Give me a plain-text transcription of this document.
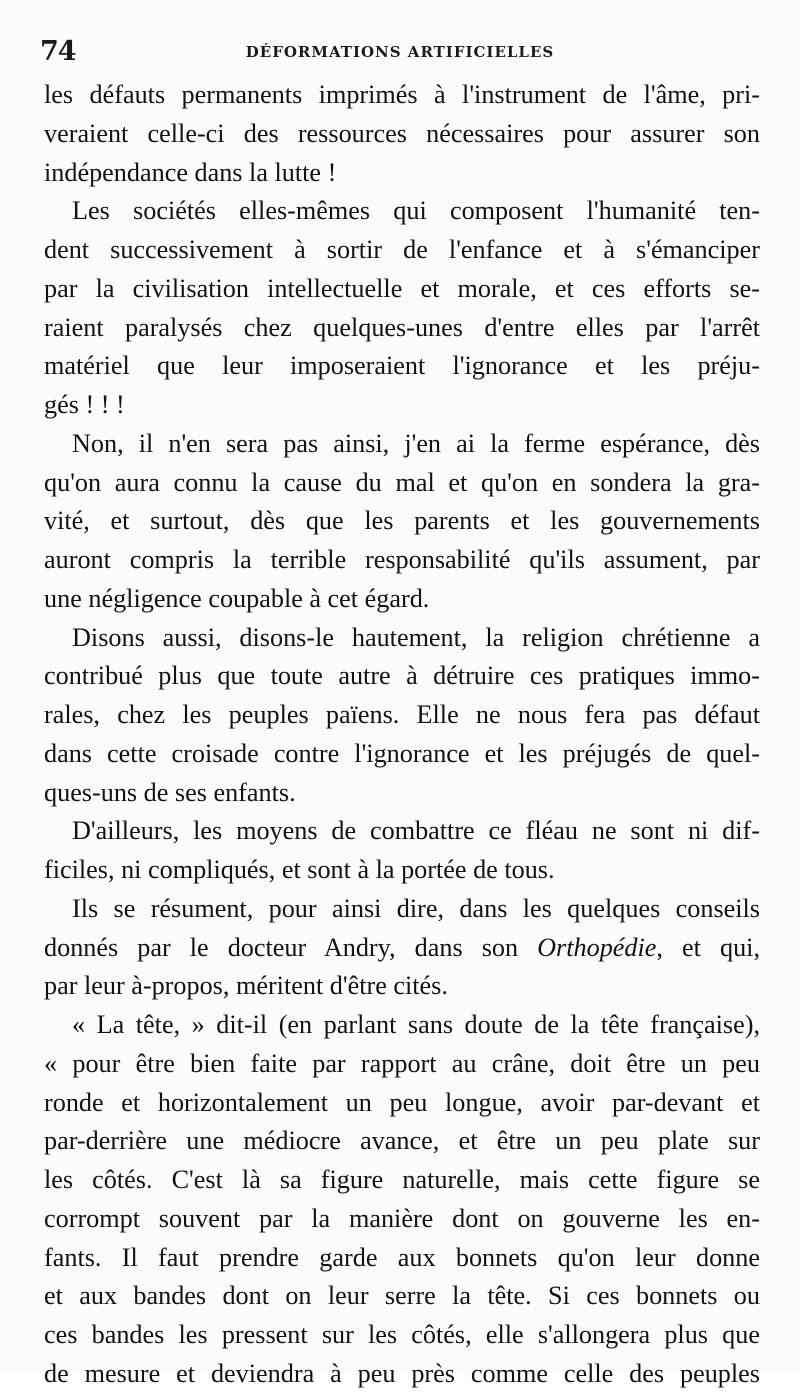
74	DÉFORMATIONS ARTIFICIELLES
les défauts permanents imprimés à l'instrument de l'âme, pri-
veraient celle-ci des ressources nécessaires pour assurer son
indépendance dans la lutte !
Les sociétés elles-mêmes qui composent l'humanité ten-
dent successivement à sortir de l'enfance et à s'émanciper
par la civilisation intellectuelle et morale, et ces efforts se-
raient paralysés chez quelques-unes d'entre elles par l'arrêt
matériel que leur imposeraient l'ignorance et les préju-
gés ! ! !
Non, il n'en sera pas ainsi, j'en ai la ferme espérance, dès
qu'on aura connu la cause du mal et qu'on en sondera la gra-
vité, et surtout, dès que les parents et les gouvernements
auront compris la terrible responsabilité qu'ils assument, par
une négligence coupable à cet égard.
Disons aussi, disons-le hautement, la religion chrétienne a
contribué plus que toute autre à détruire ces pratiques immo-
rales, chez les peuples païens. Elle ne nous fera pas défaut
dans cette croisade contre l'ignorance et les préjugés de quel-
ques-uns de ses enfants.
D'ailleurs, les moyens de combattre ce fléau ne sont ni dif-
ficiles, ni compliqués, et sont à la portée de tous.
Ils se résument, pour ainsi dire, dans les quelques conseils
donnés par le docteur Andry, dans son Orthopédie, et qui,
par leur à-propos, méritent d'être cités.
« La tête, » dit-il (en parlant sans doute de la tête française),
« pour être bien faite par rapport au crâne, doit être un peu
ronde et horizontalement un peu longue, avoir par-devant et
par-derrière une médiocre avance, et être un peu plate sur
les côtés. C'est là sa figure naturelle, mais cette figure se
corrompt souvent par la manière dont on gouverne les en-
fants. Il faut prendre garde aux bonnets qu'on leur donne
et aux bandes dont on leur serre la tête. Si ces bonnets ou
ces bandes les pressent sur les côtés, elle s'allongera plus que
de mesure et deviendra à peu près comme celle des peuples
